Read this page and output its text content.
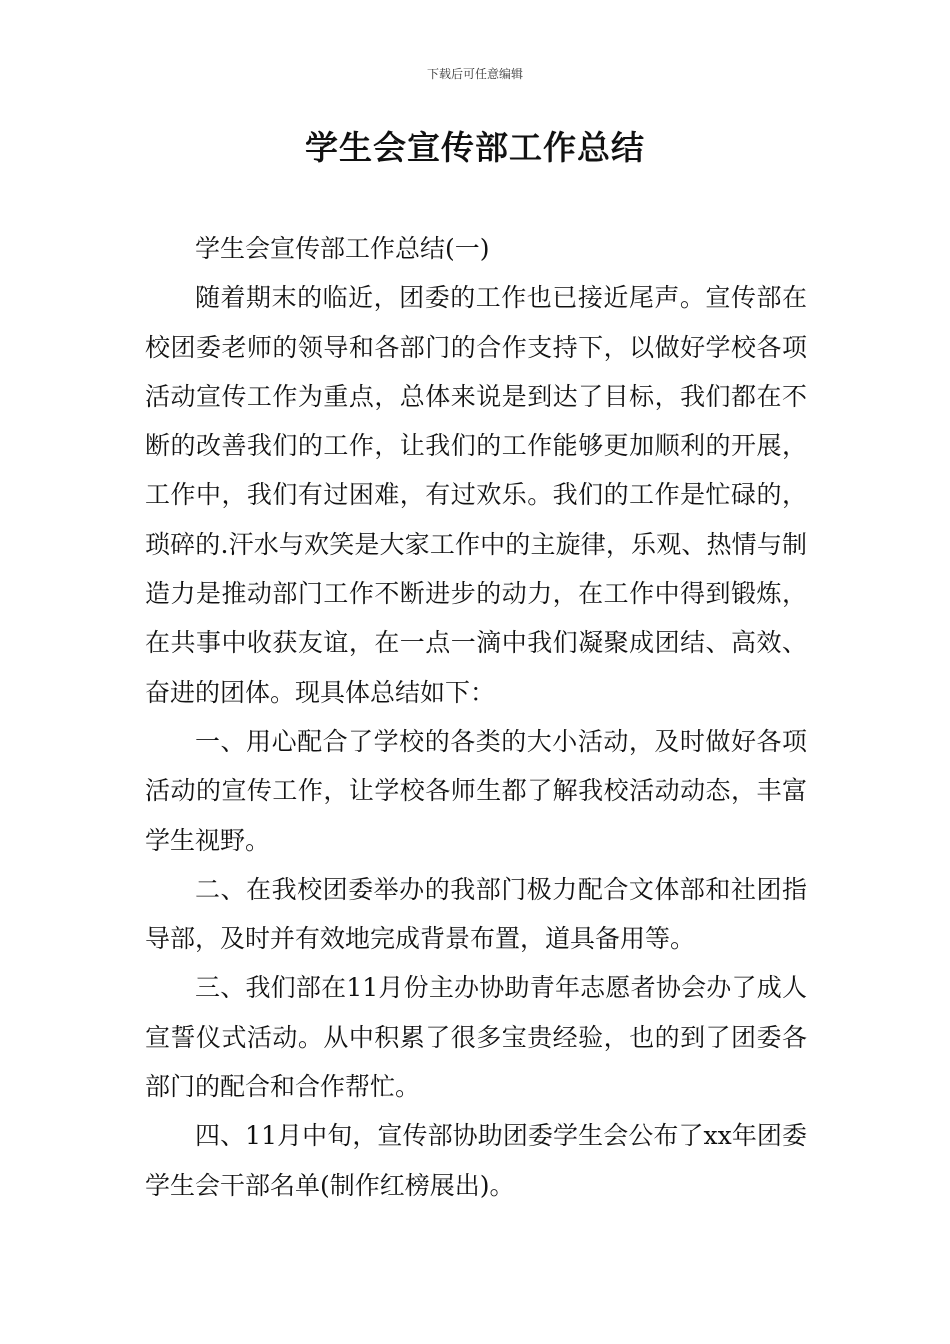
下载后可任意编辑
学生会宣传部工作总结

学生会宣传部工作总结(一)

随着期末的临近，团委的工作也已接近尾声。宣传部在校团委老师的领导和各部门的合作支持下，以做好学校各项活动宣传工作为重点，总体来说是到达了目标，我们都在不断的改善我们的工作，让我们的工作能够更加顺利的开展，工作中，我们有过困难，有过欢乐。我们的工作是忙碌的，琐碎的.汗水与欢笑是大家工作中的主旋律，乐观、热情与制造力是推动部门工作不断进步的动力，在工作中得到锻炼，在共事中收获友谊，在一点一滴中我们凝聚成团结、高效、奋进的团体。现具体总结如下：

一、用心配合了学校的各类的大小活动，及时做好各项活动的宣传工作，让学校各师生都了解我校活动动态，丰富学生视野。

二、在我校团委举办的我部门极力配合文体部和社团指导部，及时并有效地完成背景布置，道具备用等。

三、我们部在11月份主办协助青年志愿者协会办了成人宣誓仪式活动。从中积累了很多宝贵经验，也的到了团委各部门的配合和合作帮忙。

四、11月中旬，宣传部协助团委学生会公布了xx年团委学生会干部名单(制作红榜展出)。
